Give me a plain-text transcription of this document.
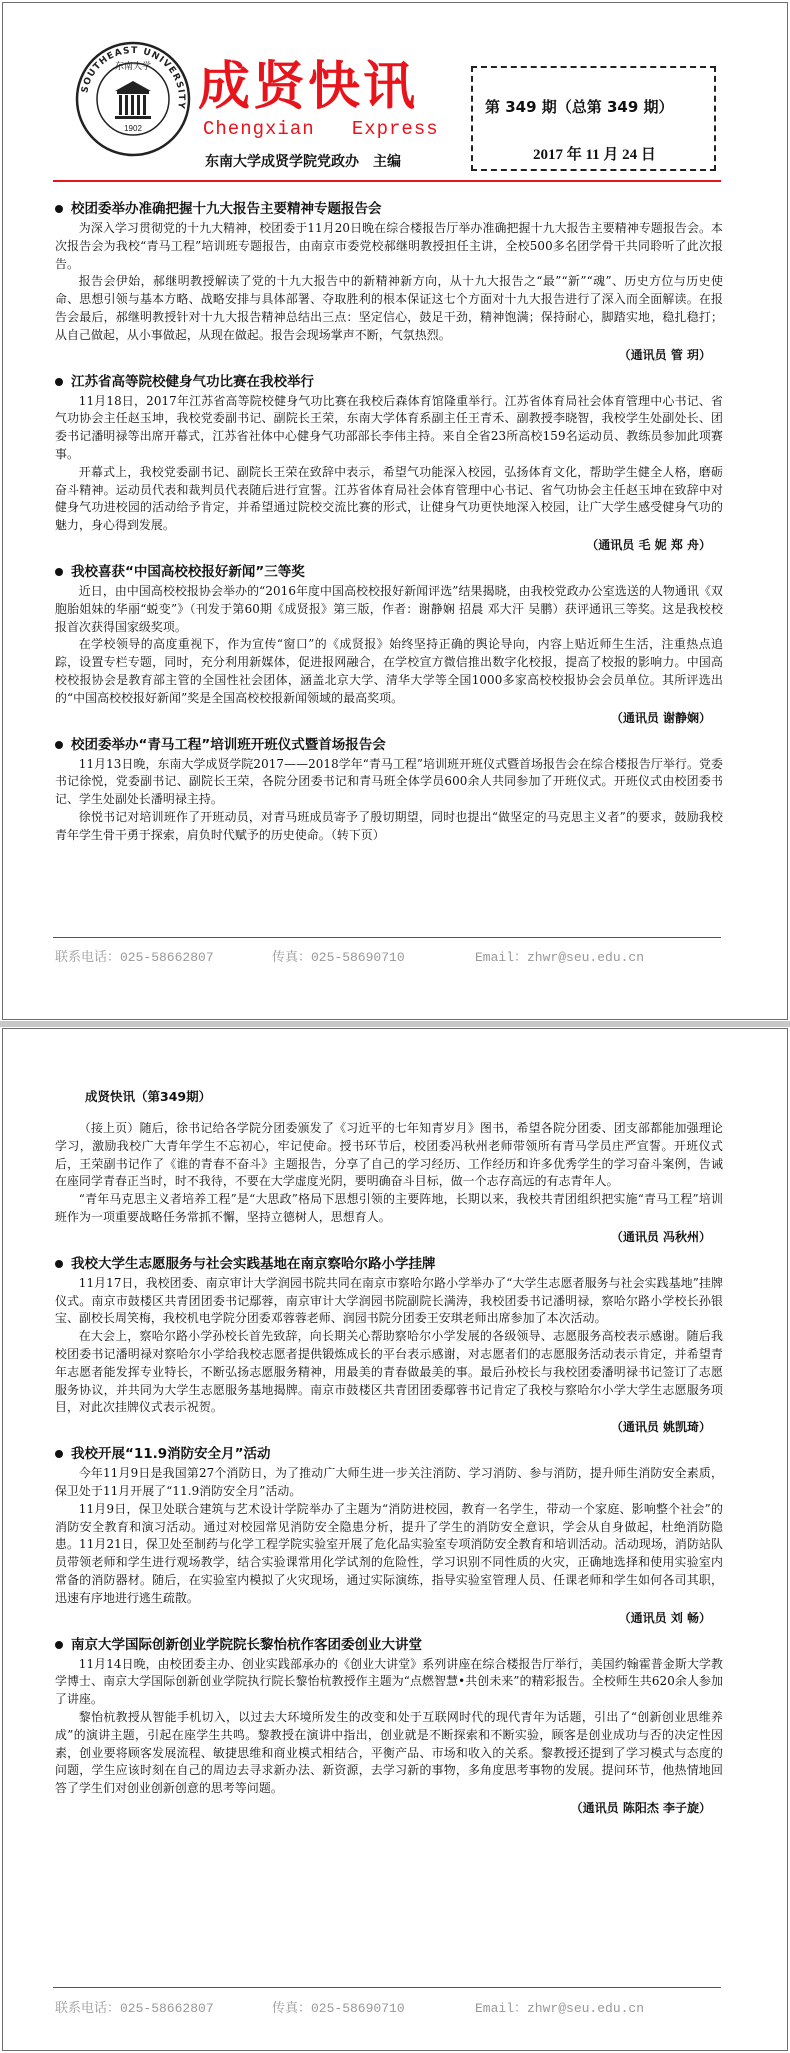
SOUTHEAST UNIVERSITY
东南大学
1902
成贤快讯
Chengxian   Express
东南大学成贤学院党政办　主编
第 349 期（总第 349 期）
2017 年 11 月 24 日
校团委举办准确把握十九大报告主要精神专题报告会

为深入学习贯彻党的十九大精神，校团委于11月20日晚在综合楼报告厅举办准确把握十九大报告主要精神专题报告会。本次报告会为我校“青马工程”培训班专题报告，由南京市委党校郝继明教授担任主讲，全校500多名团学骨干共同聆听了此次报告。

报告会伊始，郝继明教授解读了党的十九大报告中的新精神新方向，从十九大报告之“最”“新”“魂”、历史方位与历史使命、思想引领与基本方略、战略安排与具体部署、夺取胜利的根本保证这七个方面对十九大报告进行了深入而全面解读。在报告会最后，郝继明教授针对十九大报告精神总结出三点：坚定信心，鼓足干劲，精神饱满；保持耐心，脚踏实地，稳扎稳打；从自己做起，从小事做起，从现在做起。报告会现场掌声不断，气氛热烈。

（通讯员 管 玥）
江苏省高等院校健身气功比赛在我校举行

11月18日，2017年江苏省高等院校健身气功比赛在我校后森体育馆隆重举行。江苏省体育局社会体育管理中心书记、省气功协会主任赵玉坤，我校党委副书记、副院长王荣，东南大学体育系副主任王青禾、副教授李晓智，我校学生处副处长、团委书记潘明禄等出席开幕式，江苏省社体中心健身气功部部长李伟主持。来自全省23所高校159名运动员、教练员参加此项赛事。

开幕式上，我校党委副书记、副院长王荣在致辞中表示，希望气功能深入校园，弘扬体育文化，帮助学生健全人格，磨砺奋斗精神。运动员代表和裁判员代表随后进行宣誓。江苏省体育局社会体育管理中心书记、省气功协会主任赵玉坤在致辞中对健身气功进校园的活动给予肯定，并希望通过院校交流比赛的形式，让健身气功更快地深入校园，让广大学生感受健身气功的魅力，身心得到发展。

（通讯员 毛 妮 郑 舟）
我校喜获“中国高校校报好新闻”三等奖

近日，由中国高校校报协会举办的“2016年度中国高校校报好新闻评选”结果揭晓，由我校党政办公室选送的人物通讯《双胞胎姐妹的华丽“蜕变”》（刊发于第60期《成贤报》第三版，作者：谢静娴 招晨 邓大汗 吴鹏）获评通讯三等奖。这是我校校报首次获得国家级奖项。

在学校领导的高度重视下，作为宣传“窗口”的《成贤报》始终坚持正确的舆论导向，内容上贴近师生生活，注重热点追踪，设置专栏专题，同时，充分利用新媒体，促进报网融合，在学校宣方微信推出数字化校报，提高了校报的影响力。中国高校校报协会是教育部主管的全国性社会团体，涵盖北京大学、清华大学等全国1000多家高校校报协会会员单位。其所评选出的“中国高校校报好新闻”奖是全国高校校报新闻领域的最高奖项。

（通讯员 谢静娴）
校团委举办“青马工程”培训班开班仪式暨首场报告会

11月13日晚，东南大学成贤学院2017——2018学年“青马工程”培训班开班仪式暨首场报告会在综合楼报告厅举行。党委书记徐悦，党委副书记、副院长王荣，各院分团委书记和青马班全体学员600余人共同参加了开班仪式。开班仪式由校团委书记、学生处副处长潘明禄主持。

徐悦书记对培训班作了开班动员，对青马班成员寄予了殷切期望，同时也提出“做坚定的马克思主义者”的要求，鼓励我校青年学生骨干勇于探索，肩负时代赋予的历史使命。（转下页）

联系电话：025-58662807	传真：025-58690710	Email：zhwr@seu.edu.cn
成贤快讯（第349期）

（接上页）随后，徐书记给各学院分团委颁发了《习近平的七年知青岁月》图书，希望各院分团委、团支部都能加强理论学习，激励我校广大青年学生不忘初心，牢记使命。授书环节后，校团委冯秋州老师带领所有青马学员庄严宣誓。开班仪式后，王荣副书记作了《谁的青春不奋斗》主题报告，分享了自己的学习经历、工作经历和许多优秀学生的学习奋斗案例，告诫在座同学青春正当时，时不我待，不要在大学虚度光阴，要明确奋斗目标，做一个志存高远的有志青年人。

“青年马克思主义者培养工程”是“大思政”格局下思想引领的主要阵地，长期以来，我校共青团组织把实施“青马工程”培训班作为一项重要战略任务常抓不懈，坚持立德树人，思想育人。

（通讯员 冯秋州）
我校大学生志愿服务与社会实践基地在南京察哈尔路小学挂牌

11月17日，我校团委、南京审计大学润园书院共同在南京市察哈尔路小学举办了“大学生志愿者服务与社会实践基地”挂牌仪式。南京市鼓楼区共青团团委书记鄢蓉，南京审计大学润园书院副院长满涛，我校团委书记潘明禄，察哈尔路小学校长孙银宝、副校长周笑梅，我校机电学院分团委邓蓉蓉老师、润园书院分团委王安琪老师出席参加了本次活动。

在大会上，察哈尔路小学孙校长首先致辞，向长期关心帮助察哈尔小学发展的各级领导、志愿服务高校表示感谢。随后我校团委书记潘明禄对察哈尔小学给我校志愿者提供锻炼成长的平台表示感谢，对志愿者们的志愿服务活动表示肯定，并希望青年志愿者能发挥专业特长，不断弘扬志愿服务精神，用最美的青春做最美的事。最后孙校长与我校团委潘明禄书记签订了志愿服务协议，并共同为大学生志愿服务基地揭牌。南京市鼓楼区共青团团委鄢蓉书记肯定了我校与察哈尔小学大学生志愿服务项目，对此次挂牌仪式表示祝贺。

（通讯员 姚凯琦）
我校开展“11.9消防安全月”活动

今年11月9日是我国第27个消防日，为了推动广大师生进一步关注消防、学习消防、参与消防，提升师生消防安全素质，保卫处于11月开展了“11.9消防安全月”活动。

11月9日，保卫处联合建筑与艺术设计学院举办了主题为“消防进校园，教育一名学生，带动一个家庭、影响整个社会”的消防安全教育和演习活动。通过对校园常见消防安全隐患分析，提升了学生的消防安全意识，学会从自身做起，杜绝消防隐患。11月21日，保卫处至制药与化学工程学院实验室开展了危化品实验室专项消防安全教育和培训活动。活动现场，消防站队员带领老师和学生进行观场教学，结合实验课常用化学试剂的危险性，学习识别不同性质的火灾，正确地选择和使用实验室内常备的消防器材。随后，在实验室内模拟了火灾现场，通过实际演练，指导实验室管理人员、任课老师和学生如何各司其职，迅速有序地进行逃生疏散。

（通讯员 刘 畅）
南京大学国际创新创业学院院长黎怡杭作客团委创业大讲堂

11月14日晚，由校团委主办、创业实践部承办的《创业大讲堂》系列讲座在综合楼报告厅举行，美国约翰霍普金斯大学教学博士、南京大学国际创新创业学院执行院长黎怡杭教授作主题为“点燃智慧•共创未来”的精彩报告。全校师生共620余人参加了讲座。

黎怡杭教授从智能手机切入，以过去大环境所发生的改变和处于互联网时代的现代青年为话题，引出了“创新创业思维养成”的演讲主题，引起在座学生共鸣。黎教授在演讲中指出，创业就是不断探索和不断实验，顾客是创业成功与否的决定性因素，创业要将顾客发展流程、敏捷思维和商业模式相结合，平衡产品、市场和收入的关系。黎教授还提到了学习模式与态度的问题，学生应该时刻在自己的周边去寻求新办法、新资源，去学习新的事物，多角度思考事物的发展。提问环节，他热情地回答了学生们对创业创新创意的思考等问题。

（通讯员 陈阳杰 李子旋）
联系电话：025-58662807	传真：025-58690710	Email：zhwr@seu.edu.cn
